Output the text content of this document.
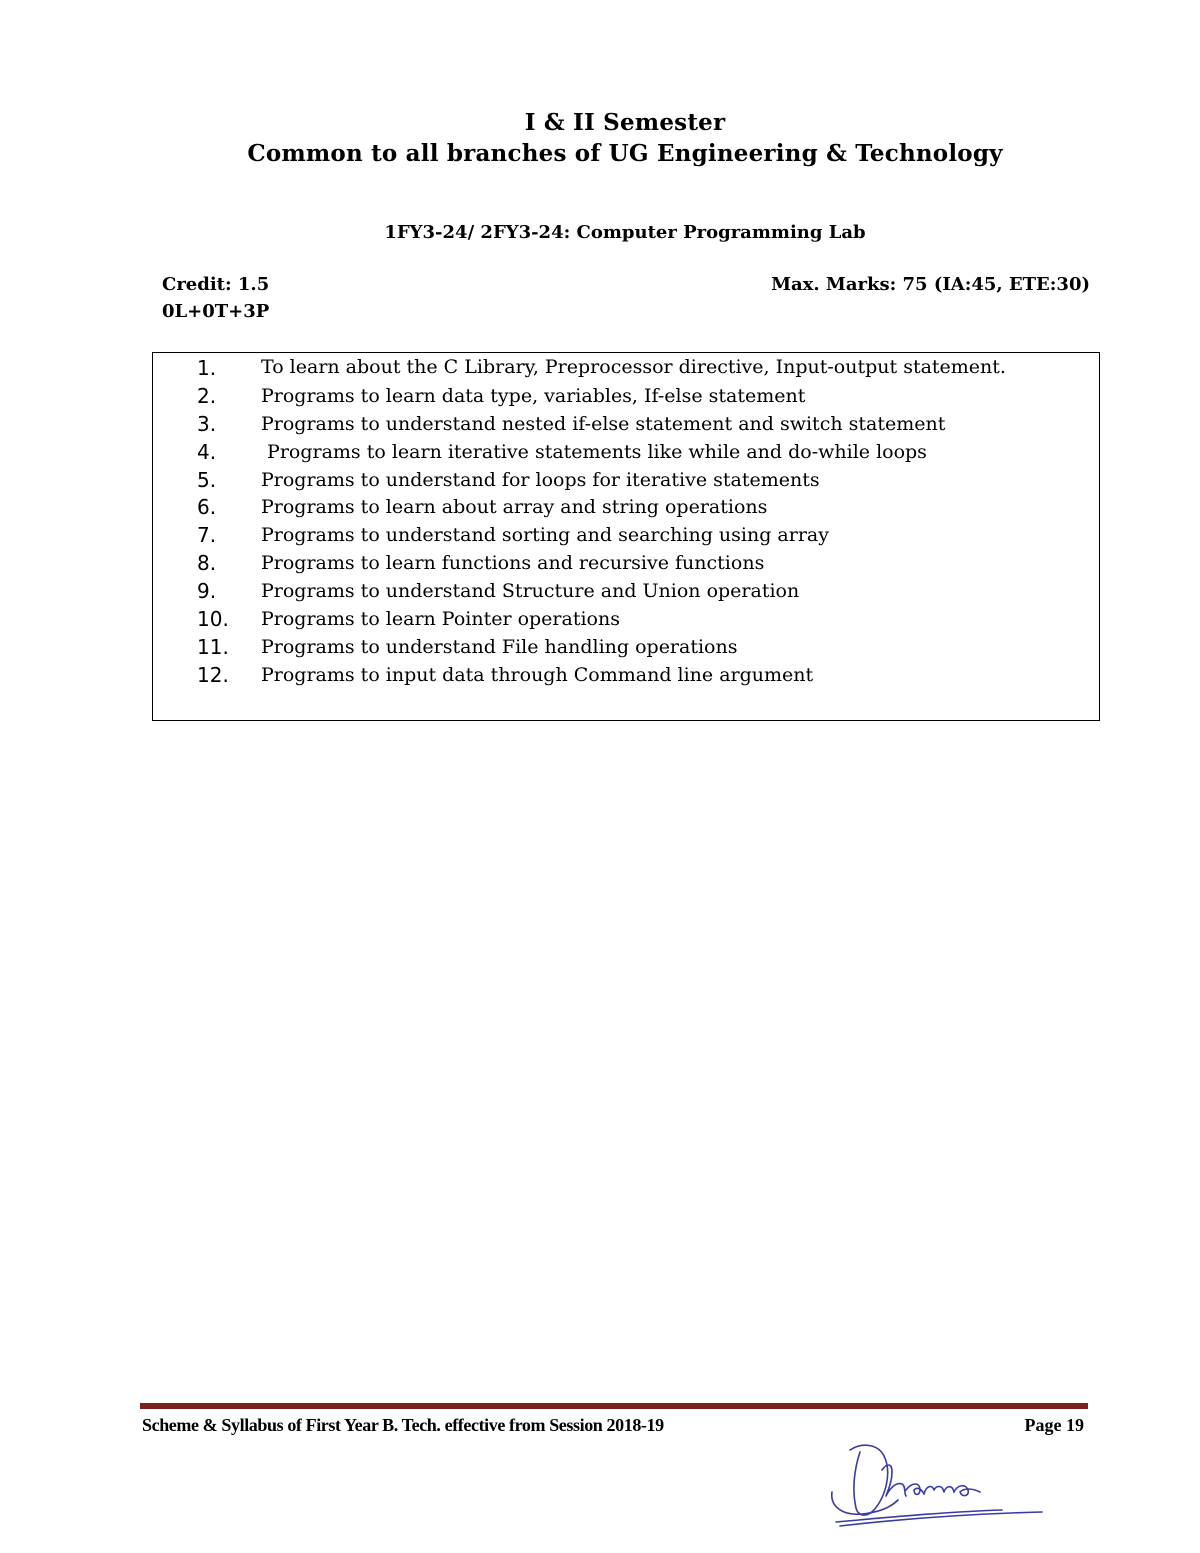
I & II Semester
Common to all branches of UG Engineering & Technology
1FY3-24/ 2FY3-24: Computer Programming Lab
Credit: 1.5
0L+0T+3P
Max. Marks: 75 (IA:45, ETE:30)
1.	To learn about the C Library, Preprocessor directive, Input-output statement.
2.	Programs to learn data type, variables, If-else statement
3.	Programs to understand nested if-else statement and switch statement
4.	Programs to learn iterative statements like while and do-while loops
5.	Programs to understand for loops for iterative statements
6.	Programs to learn about array and string operations
7.	Programs to understand sorting and searching using array
8.	Programs to learn functions and recursive functions
9.	Programs to understand Structure and Union operation
10.	Programs to learn Pointer operations
11.	Programs to understand File handling operations
12.	Programs to input data through Command line argument
Scheme & Syllabus of First Year B. Tech. effective from Session 2018-19	Page 19
